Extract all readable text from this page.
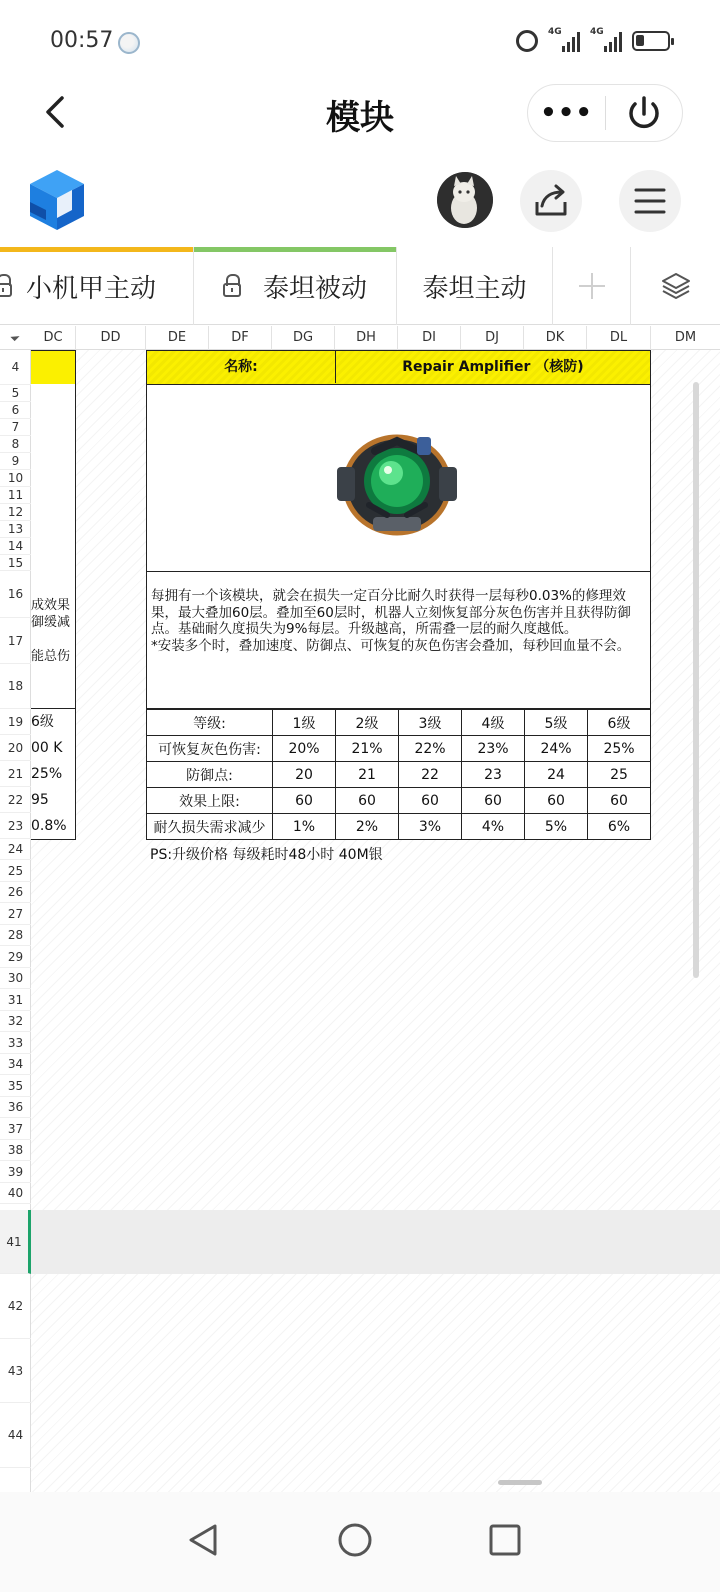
00:57	4G	4G
模块	•••
小机甲主动	泰坦被动 泰坦主动
成效果
御缓减
能总伤
6级
00 K
25%
95
0.8%
名称:	Repair Amplifier （核防)

每拥有一个该模块，就会在损失一定百分比耐久时获得一层每秒0.03%的修理效果，最大叠加60层。叠加至60层时，机器人立刻恢复部分灰色伤害并且获得防御点。基础耐久度损失为9%每层。升级越高，所需叠一层的耐久度越低。

*安装多个时，叠加速度、防御点、可恢复的灰色伤害会叠加，每秒回血量不会。

等级:	1级	2级	3级	4级	5级	6级
可恢复灰色伤害:	20%	21%	22%	23%	24%	25%
防御点:	20	21	22	23	24	25
效果上限:	60	60	60	60	60	60
耐久损失需求减少	1%	2%	3%	4%	5%	6%
PS:升级价格 每级耗时48小时 40M银
DC	DD	DE	DF	DG	DH	DI	DJ	DK	DL	DM
4
5
6
7
8
9
10
11
12
13
14
15
16
17
18
19
20
21
22
23
24
25
26
27
28
29
30
31
32
33
34
35
36
37
38
39
40
41
42
43
44
